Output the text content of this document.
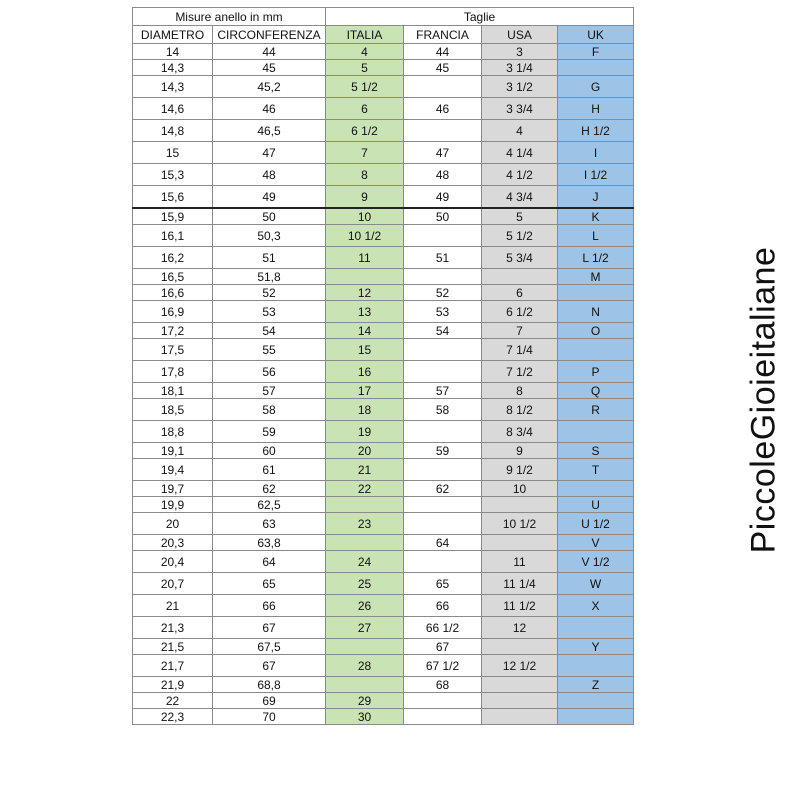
Misure anello in mm		Taglie			
DIAMETRO	CIRCONFERENZA	ITALIA	FRANCIA	USA	UK
14	44	4	44	3	F
14,3	45	5	45	3 1/4	
14,3	45,2	5 1/2		3 1/2	G
14,6	46	6	46	3 3/4	H
14,8	46,5	6 1/2		4	H 1/2
15	47	7	47	4 1/4	I
15,3	48	8	48	4 1/2	I 1/2
15,6	49	9	49	4 3/4	J
15,9	50	10	50	5	K
16,1	50,3	10 1/2		5 1/2	L
16,2	51	11	51	5 3/4	L 1/2
16,5	51,8				M
16,6	52	12	52	6	
16,9	53	13	53	6 1/2	N
17,2	54	14	54	7	O
17,5	55	15		7 1/4	
17,8	56	16		7 1/2	P
18,1	57	17	57	8	Q
18,5	58	18	58	8 1/2	R
18,8	59	19		8 3/4	
19,1	60	20	59	9	S
19,4	61	21		9 1/2	T
19,7	62	22	62	10	
19,9	62,5				U
20	63	23		10 1/2	U 1/2
20,3	63,8		64		V
20,4	64	24		11	V 1/2
20,7	65	25	65	11 1/4	W
21	66	26	66	11 1/2	X
21,3	67	27	66 1/2	12	
21,5	67,5		67		Y
21,7	67	28	67 1/2	12 1/2	
21,9	68,8		68		Z
22	69	29			
22,3	70	30			
PiccoleGioieitaliane
